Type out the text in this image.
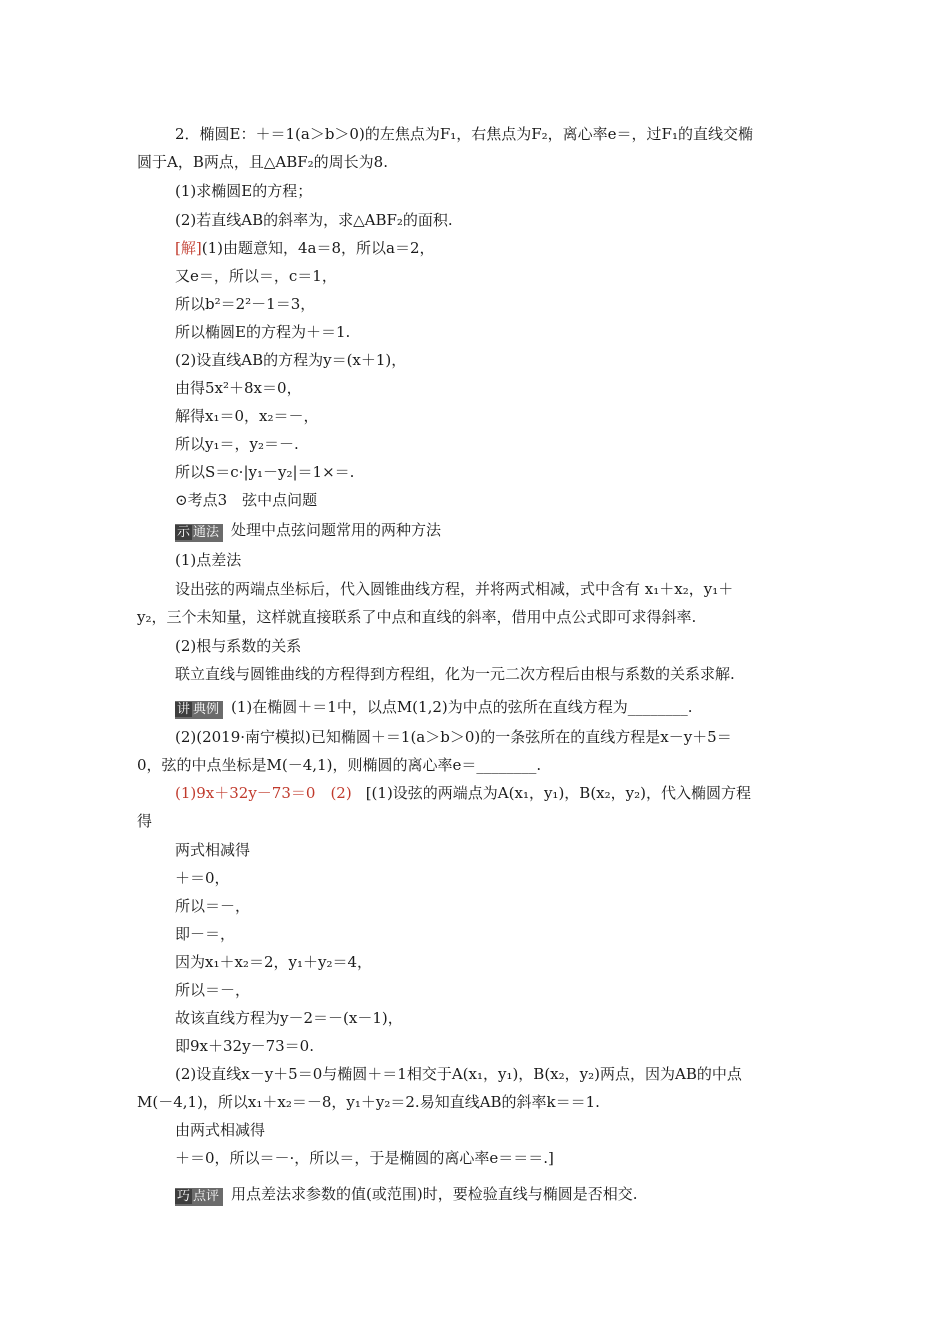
2．椭圆E：＋＝1(a＞b＞0)的左焦点为F₁，右焦点为F₂，离心率e＝，过F₁的直线交椭
圆于A，B两点，且△ABF₂的周长为8.
(1)求椭圆E的方程；
(2)若直线AB的斜率为，求△ABF₂的面积.
[解](1)由题意知，4a＝8，所以a＝2，
又e＝，所以＝，c＝1，
所以b²＝2²－1＝3，
所以椭圆E的方程为＋＝1.
(2)设直线AB的方程为y＝(x＋1)，
由得5x²＋8x＝0，
解得x₁＝0，x₂＝－，
所以y₁＝，y₂＝－.
所以S＝c·|y₁－y₂|＝1×＝.
⊙考点3　弦中点问题
示 通法 处理中点弦问题常用的两种方法
(1)点差法
设出弦的两端点坐标后，代入圆锥曲线方程，并将两式相减，式中含有 x₁＋x₂，y₁＋
y₂，三个未知量，这样就直接联系了中点和直线的斜率，借用中点公式即可求得斜率.
(2)根与系数的关系
联立直线与圆锥曲线的方程得到方程组，化为一元二次方程后由根与系数的关系求解.
讲 典例 (1)在椭圆＋＝1中，以点M(1,2)为中点的弦所在直线方程为________.
(2)(2019·南宁模拟)已知椭圆＋＝1(a＞b＞0)的一条弦所在的直线方程是x－y＋5＝
0，弦的中点坐标是M(－4,1)，则椭圆的离心率e＝________.
(1)9x＋32y－73＝0　(2) [(1)设弦的两端点为A(x₁，y₁)，B(x₂，y₂)，代入椭圆方程
得
两式相减得
＋＝0，
所以＝－，
即－＝，
因为x₁＋x₂＝2，y₁＋y₂＝4，
所以＝－，
故该直线方程为y－2＝－(x－1)，
即9x＋32y－73＝0.
(2)设直线x－y＋5＝0与椭圆＋＝1相交于A(x₁，y₁)，B(x₂，y₂)两点，因为AB的中点
M(－4,1)，所以x₁＋x₂＝－8，y₁＋y₂＝2.易知直线AB的斜率k＝＝1.
由两式相减得
＋＝0，所以＝－·，所以＝，于是椭圆的离心率e＝＝＝.]
巧 点评 用点差法求参数的值(或范围)时，要检验直线与椭圆是否相交.
